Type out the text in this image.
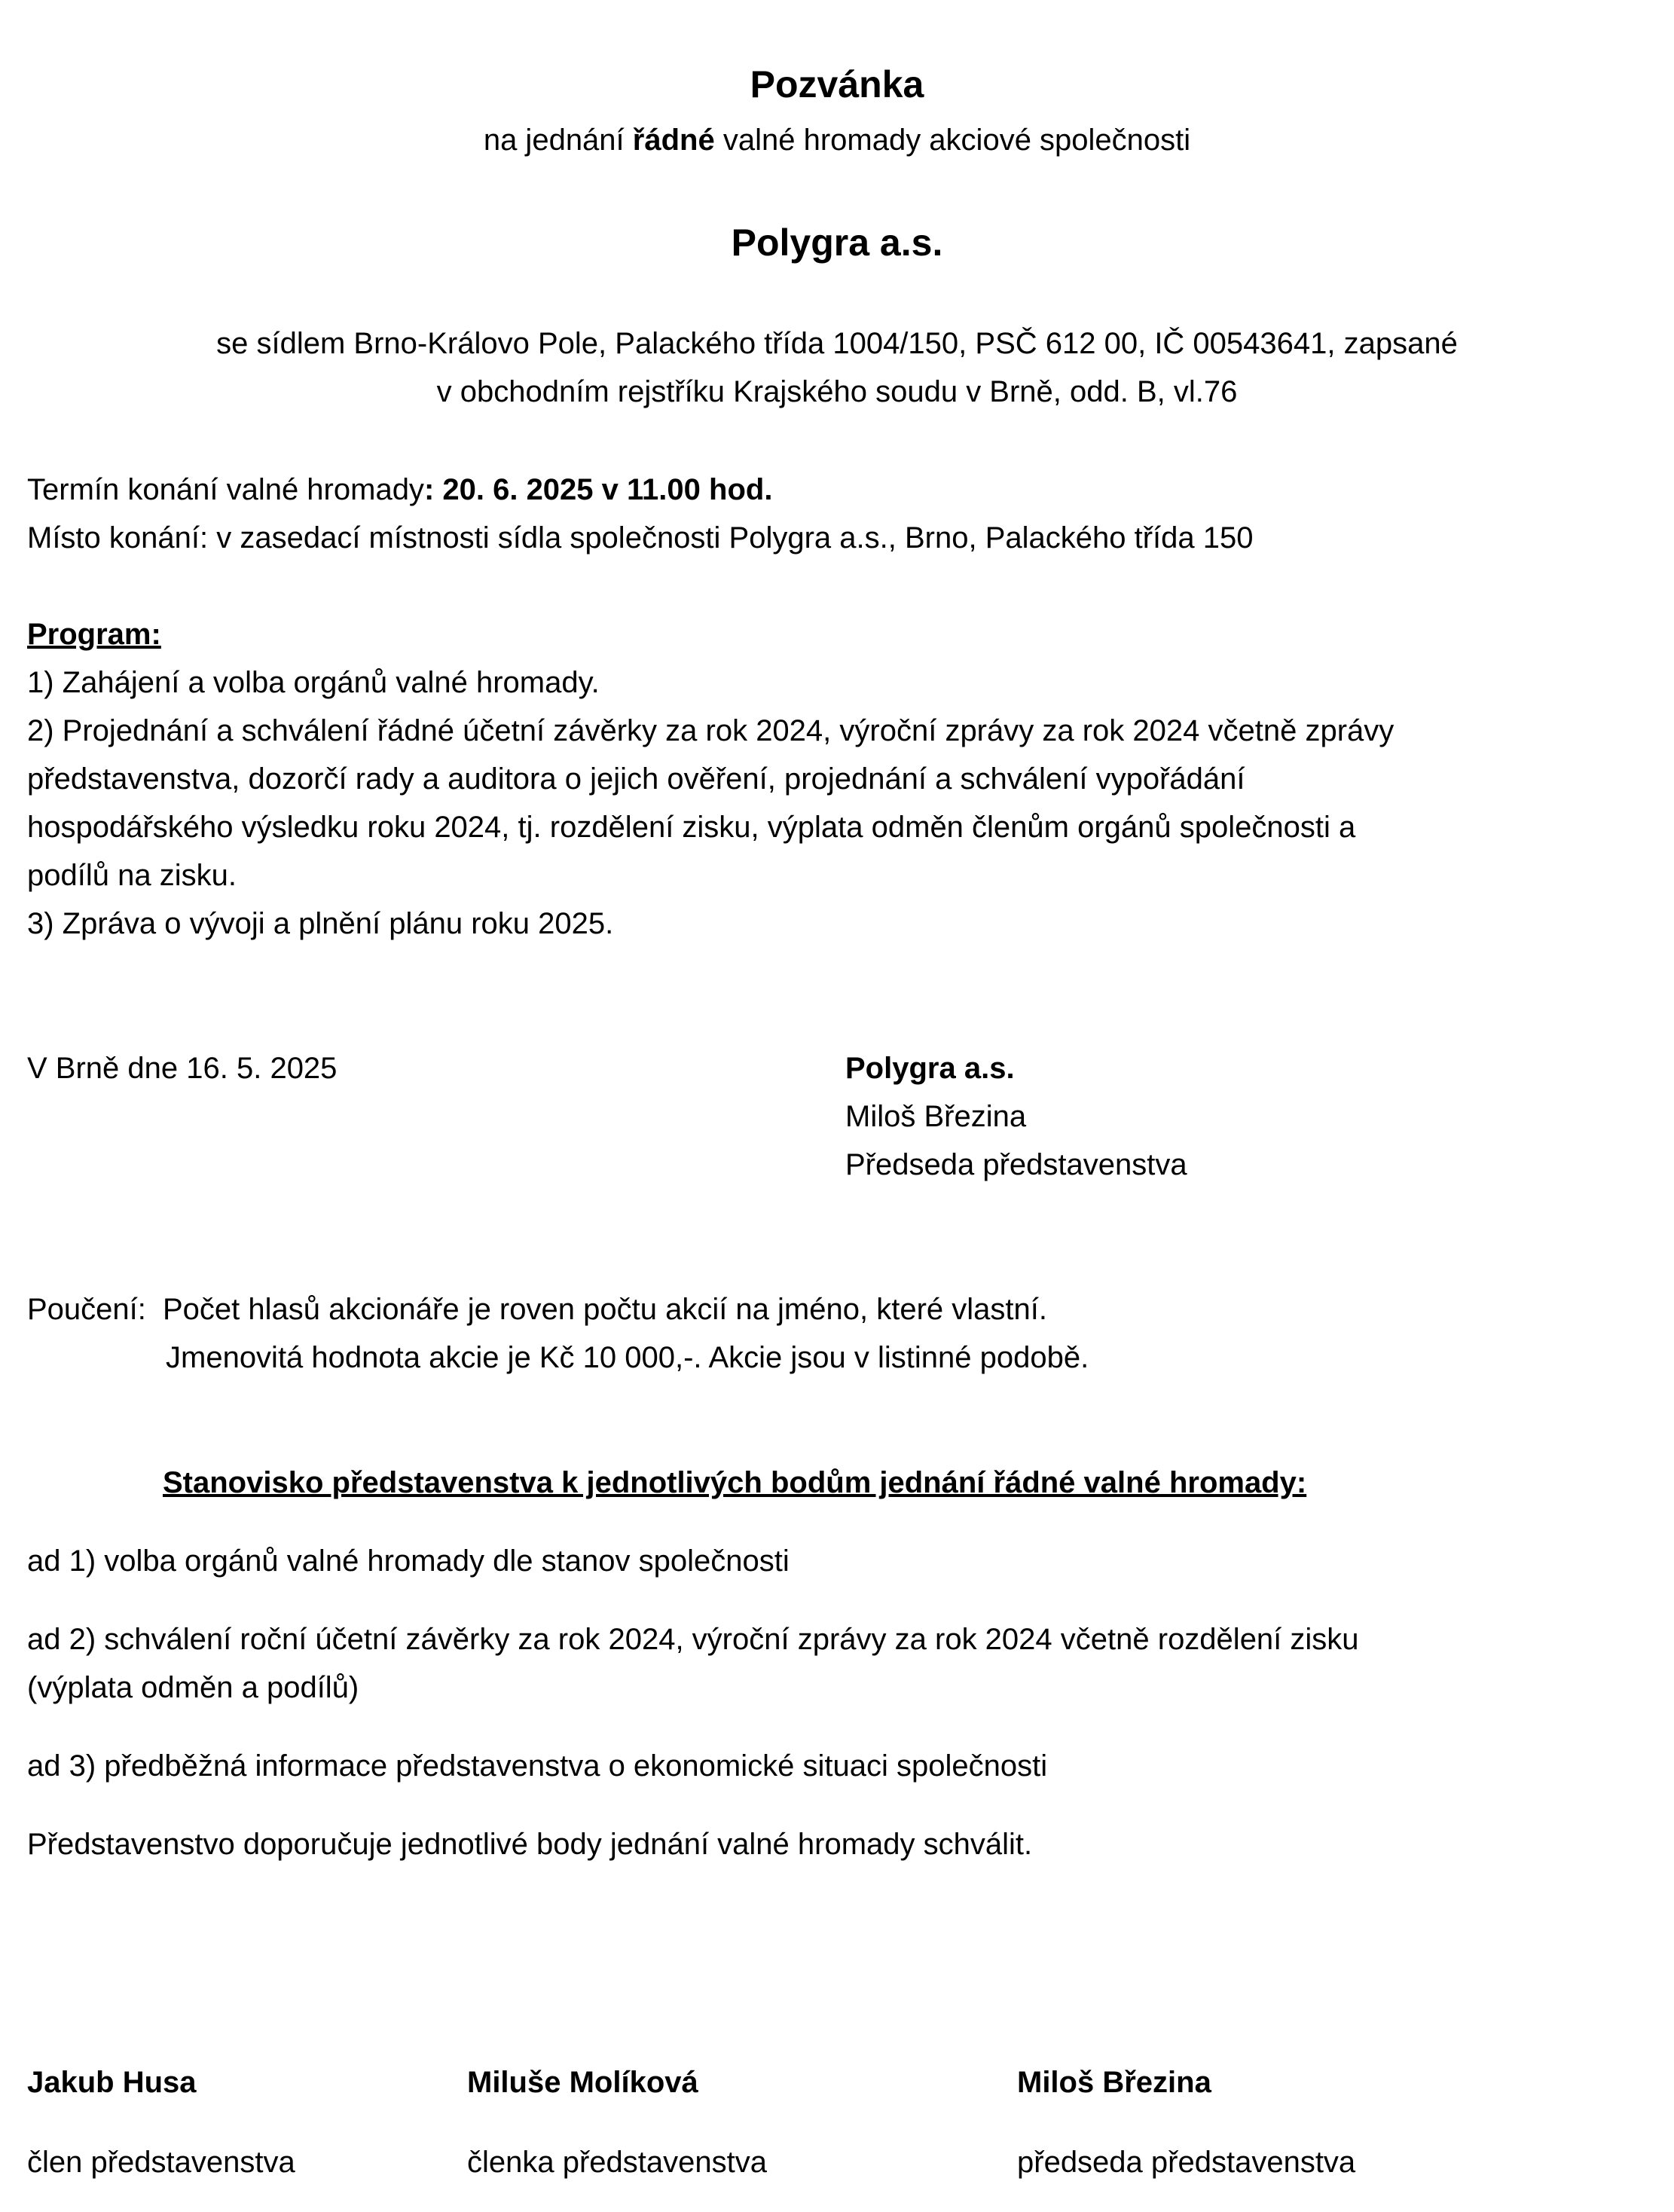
Pozvánka
na jednání řádné valné hromady akciové společnosti
Polygra a.s.
se sídlem Brno-Královo Pole, Palackého třída 1004/150, PSČ 612 00, IČ 00543641, zapsané
v obchodním rejstříku Krajského soudu v Brně, odd. B, vl.76
Termín konání valné hromady: 20. 6. 2025 v 11.00 hod.
Místo konání: v zasedací místnosti sídla společnosti Polygra a.s., Brno, Palackého třída 150
Program:
1) Zahájení a volba orgánů valné hromady.
2) Projednání a schválení řádné účetní závěrky za rok 2024, výroční zprávy za rok 2024 včetně zprávy
představenstva, dozorčí rady a auditora o jejich ověření, projednání a schválení vypořádání
hospodářského výsledku roku 2024, tj. rozdělení zisku, výplata odměn členům orgánů společnosti a
podílů na zisku.
3) Zpráva o vývoji a plnění plánu roku 2025.
V Brně dne 16. 5. 2025	Polygra a.s.
Miloš Březina
Předseda představenstva
Poučení: Počet hlasů akcionáře je roven počtu akcií na jméno, které vlastní.
Jmenovitá hodnota akcie je Kč 10 000,-. Akcie jsou v listinné podobě.
Stanovisko představenstva k jednotlivých bodům jednání řádné valné hromady:
ad 1) volba orgánů valné hromady dle stanov společnosti
ad 2) schválení roční účetní závěrky za rok 2024, výroční zprávy za rok 2024 včetně rozdělení zisku
(výplata odměn a podílů)
ad 3) předběžná informace představenstva o ekonomické situaci společnosti
Představenstvo doporučuje jednotlivé body jednání valné hromady schválit.
Jakub Husa
člen představenstva
Miluše Molíková
členka představenstva
Miloš Březina
předseda představenstva
